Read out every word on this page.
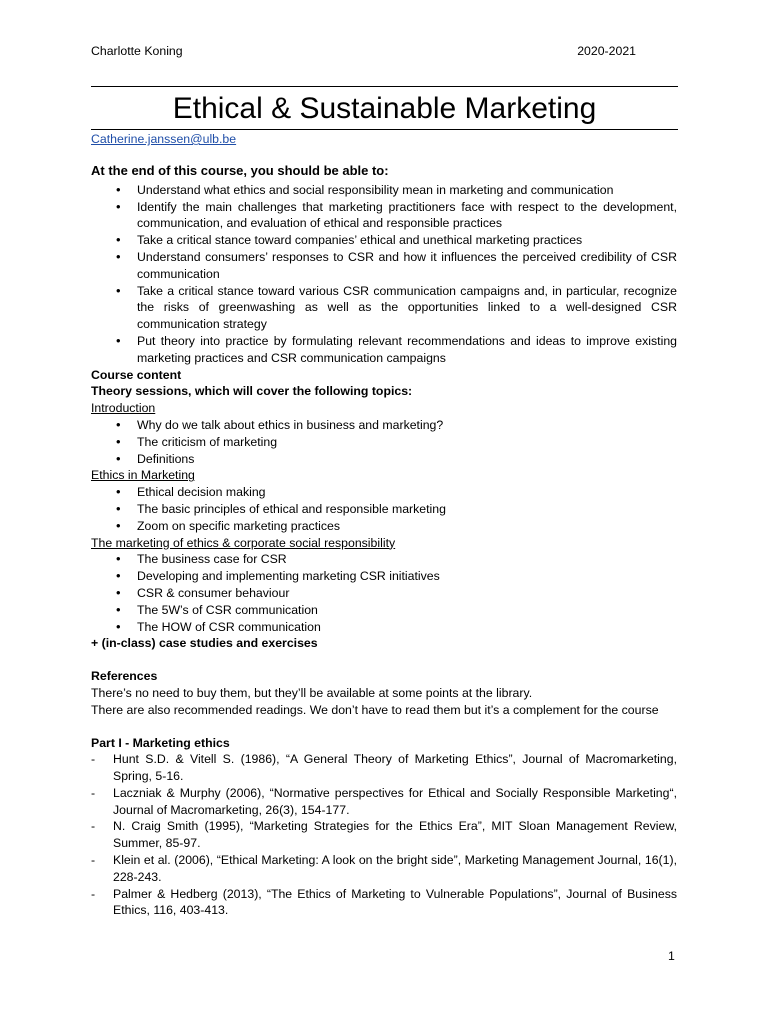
Charlotte Koning	2020-2021
Ethical & Sustainable Marketing
Catherine.janssen@ulb.be

At the end of this course, you should be able to:

• Understand what ethics and social responsibility mean in marketing and communication
• Identify the main challenges that marketing practitioners face with respect to the development, communication, and evaluation of ethical and responsible practices
• Take a critical stance toward companies’ ethical and unethical marketing practices
• Understand consumers’ responses to CSR and how it influences the perceived credibility of CSR communication
• Take a critical stance toward various CSR communication campaigns and, in particular, recognize the risks of greenwashing as well as the opportunities linked to a well-designed CSR communication strategy
• Put theory into practice by formulating relevant recommendations and ideas to improve existing marketing practices and CSR communication campaigns

Course content

Theory sessions, which will cover the following topics:

Introduction

• Why do we talk about ethics in business and marketing?
• The criticism of marketing
• Definitions

Ethics in Marketing

• Ethical decision making
• The basic principles of ethical and responsible marketing
• Zoom on specific marketing practices

The marketing of ethics & corporate social responsibility

• The business case for CSR
• Developing and implementing marketing CSR initiatives
• CSR & consumer behaviour
• The 5W’s of CSR communication
• The HOW of CSR communication

+ (in-class) case studies and exercises

References

There’s no need to buy them, but they’ll be available at some points at the library.

There are also recommended readings. We don’t have to read them but it’s a complement for the course

Part I - Marketing ethics

- Hunt S.D. & Vitell S. (1986), “A General Theory of Marketing Ethics”, Journal of Macromarketing, Spring, 5-16.
- Laczniak & Murphy (2006), “Normative perspectives for Ethical and Socially Responsible Marketing“, Journal of Macromarketing, 26(3), 154-177.
- N. Craig Smith (1995), “Marketing Strategies for the Ethics Era”, MIT Sloan Management Review, Summer, 85-97.
- Klein et al. (2006), “Ethical Marketing: A look on the bright side”, Marketing Management Journal, 16(1), 228-243.
- Palmer & Hedberg (2013), “The Ethics of Marketing to Vulnerable Populations”, Journal of Business Ethics, 116, 403-413.
1
